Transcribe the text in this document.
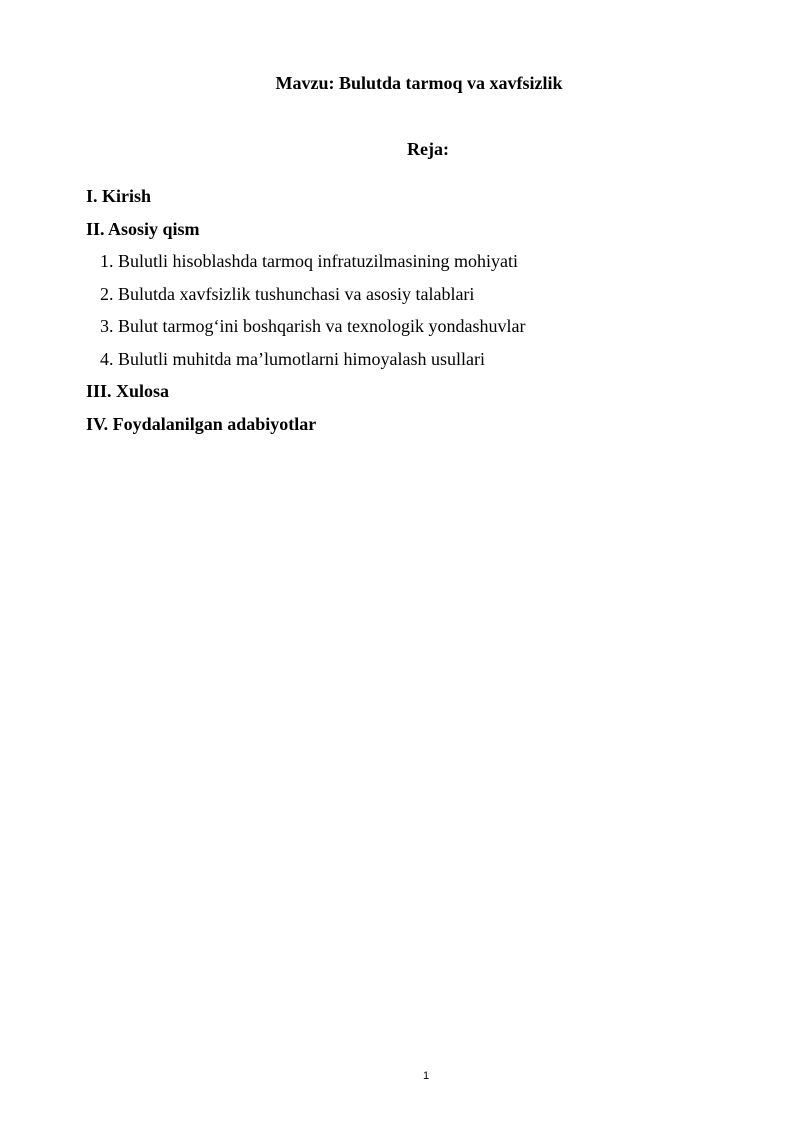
Mavzu: Bulutda tarmoq va xavfsizlik
Reja:
I. Kirish
II. Asosiy qism
1. Bulutli hisoblashda tarmoq infratuzilmasining mohiyati
2. Bulutda xavfsizlik tushunchasi va asosiy talablari
3. Bulut tarmog‘ini boshqarish va texnologik yondashuvlar
4. Bulutli muhitda ma’lumotlarni himoyalash usullari
III. Xulosa
IV. Foydalanilgan adabiyotlar
1
